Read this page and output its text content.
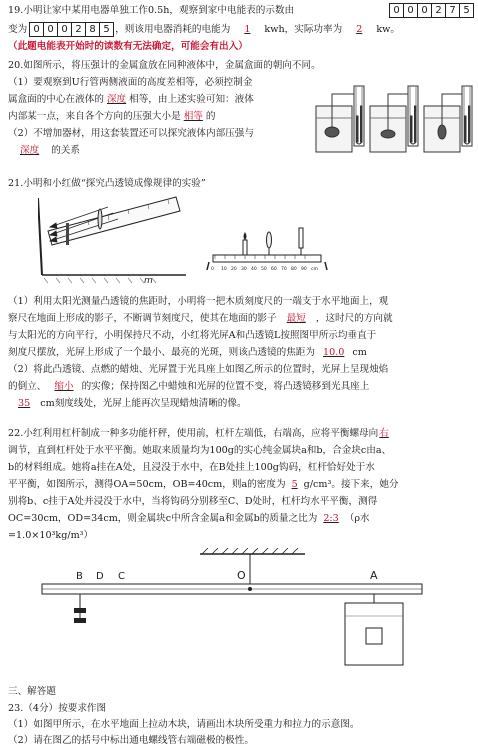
19.小明让家中某用电器单独工作0.5h，观察到家中电能表的示数由	0 0 0 2 7 5
变为	，则该用电器消耗的电能为 1 kwh，实际功率为 2 kw。
0 0 0 2 8 5
（此题电能表开始时的读数有无法确定，可能会有出入）
20.如图所示，将压强计的金属盒放在同种液体中，金属盒面的朝向不同。
（1）要观察到U行管两侧液面的高度差相等，必须控制金
属盒面的中心在液体的 深度 相等，由上述实验可知：液体
内部某一点，来自各个方向的压强大小是 相等 的
（2）不增加器材，用这套装置还可以探究液体内部压强与
深度 的关系
21.小明和小红做“探究凸透镜成像规律的实验”
m
0 10 20 30 40 50 60 70 80 90 cm
（1）利用太阳光测量凸透镜的焦距时，小明将一把木质刻度尺的一端支于水平地面上，观
察尺在地面上形成的影子，不断调节刻度尺，使其在地面的影子 最短 ，这时尺的方向就
与太阳光的方向平行，小明保持尺不动，小红将光屏A和凸透镜L按照图甲所示均垂直于
刻度尺摆放，光屏上形成了一个最小、最亮的光斑，则该凸透镜的焦距为 10.0 cm
（2）将此凸透镜、点燃的蜡烛、光屏置于光具座上如图乙所示的位置时，光屏上呈现烛焰
的倒立、 缩小 的实像；保持图乙中蜡烛和光屏的位置不变，将凸透镜移到光具座上
35 cm刻度线处，光屏上能再次呈现蜡烛清晰的像。
22.小红利用杠杆制成一种多功能杆秤，使用前，杠杆左端低，右端高，应将平衡螺母向右
调节，直到杠杆处于水平平衡。她取来质量均为100g的实心纯金属块a和b，合金块c由a、
b的材料组成。她将a挂在A处，且浸没于水中，在B处挂上100g钩码，杠杆恰好处于水
平平衡，如图所示，测得OA=50cm，OB=40cm，则a的密度为 5 g/cm³。接下来，她分
别将b、c挂于A处并浸没于水中，当将钩码分别移至C、D处时，杠杆均水平平衡，测得
OC=30cm，OD=34cm，则金属块c中所含金属a和金属b的质量之比为 2:3 （ρ水
=1.0×10³kg/m³）
B D C	O	A
三、解答题
23.（4分）按要求作图
（1）如图甲所示，在水平地面上拉动木块，请画出木块所受重力和拉力的示意图。
（2）请在图乙的括号中标出通电螺线管右端磁极的极性。
